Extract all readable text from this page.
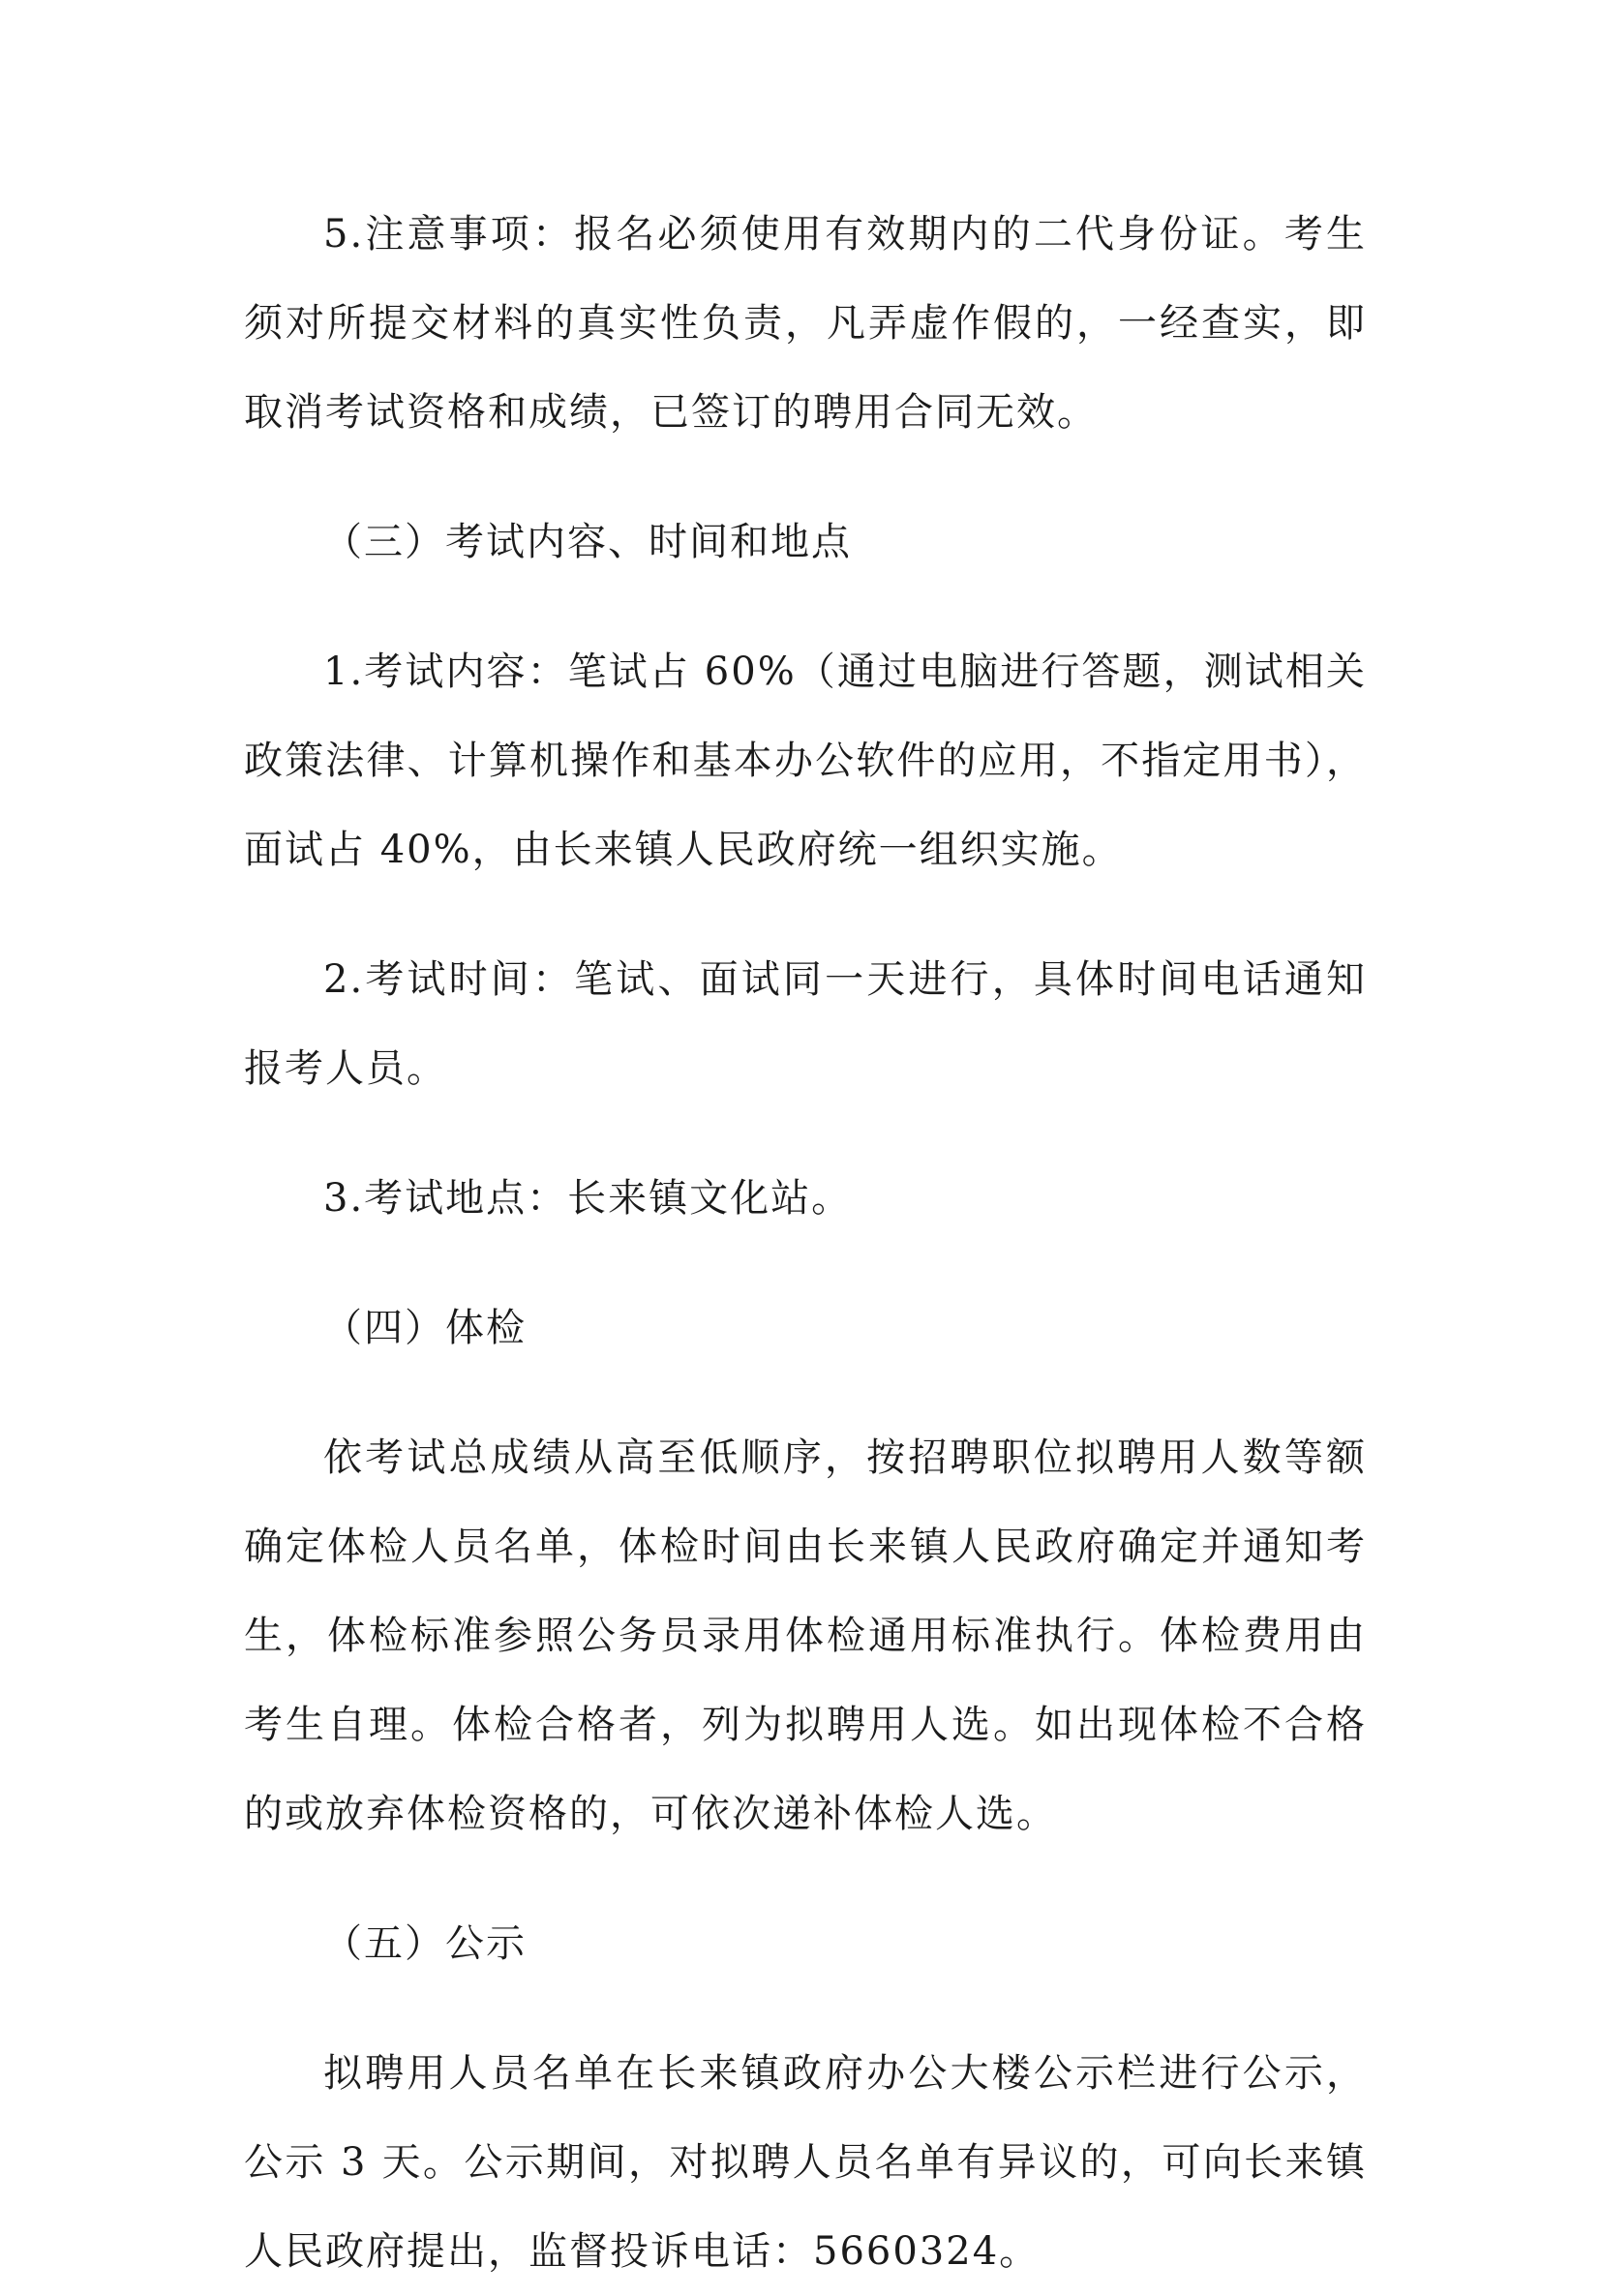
5.注意事项：报名必须使用有效期内的二代身份证。考生须对所提交材料的真实性负责，凡弄虚作假的，一经查实，即取消考试资格和成绩，已签订的聘用合同无效。

（三）考试内容、时间和地点

1.考试内容：笔试占 60%（通过电脑进行答题，测试相关政策法律、计算机操作和基本办公软件的应用，不指定用书），面试占 40%，由长来镇人民政府统一组织实施。

2.考试时间：笔试、面试同一天进行，具体时间电话通知报考人员。

3.考试地点：长来镇文化站。

（四）体检

依考试总成绩从高至低顺序，按招聘职位拟聘用人数等额确定体检人员名单，体检时间由长来镇人民政府确定并通知考生，体检标准参照公务员录用体检通用标准执行。体检费用由考生自理。体检合格者，列为拟聘用人选。如出现体检不合格的或放弃体检资格的，可依次递补体检人选。

（五）公示

拟聘用人员名单在长来镇政府办公大楼公示栏进行公示，公示 3 天。公示期间，对拟聘人员名单有异议的，可向长来镇人民政府提出，监督投诉电话：5660324。
